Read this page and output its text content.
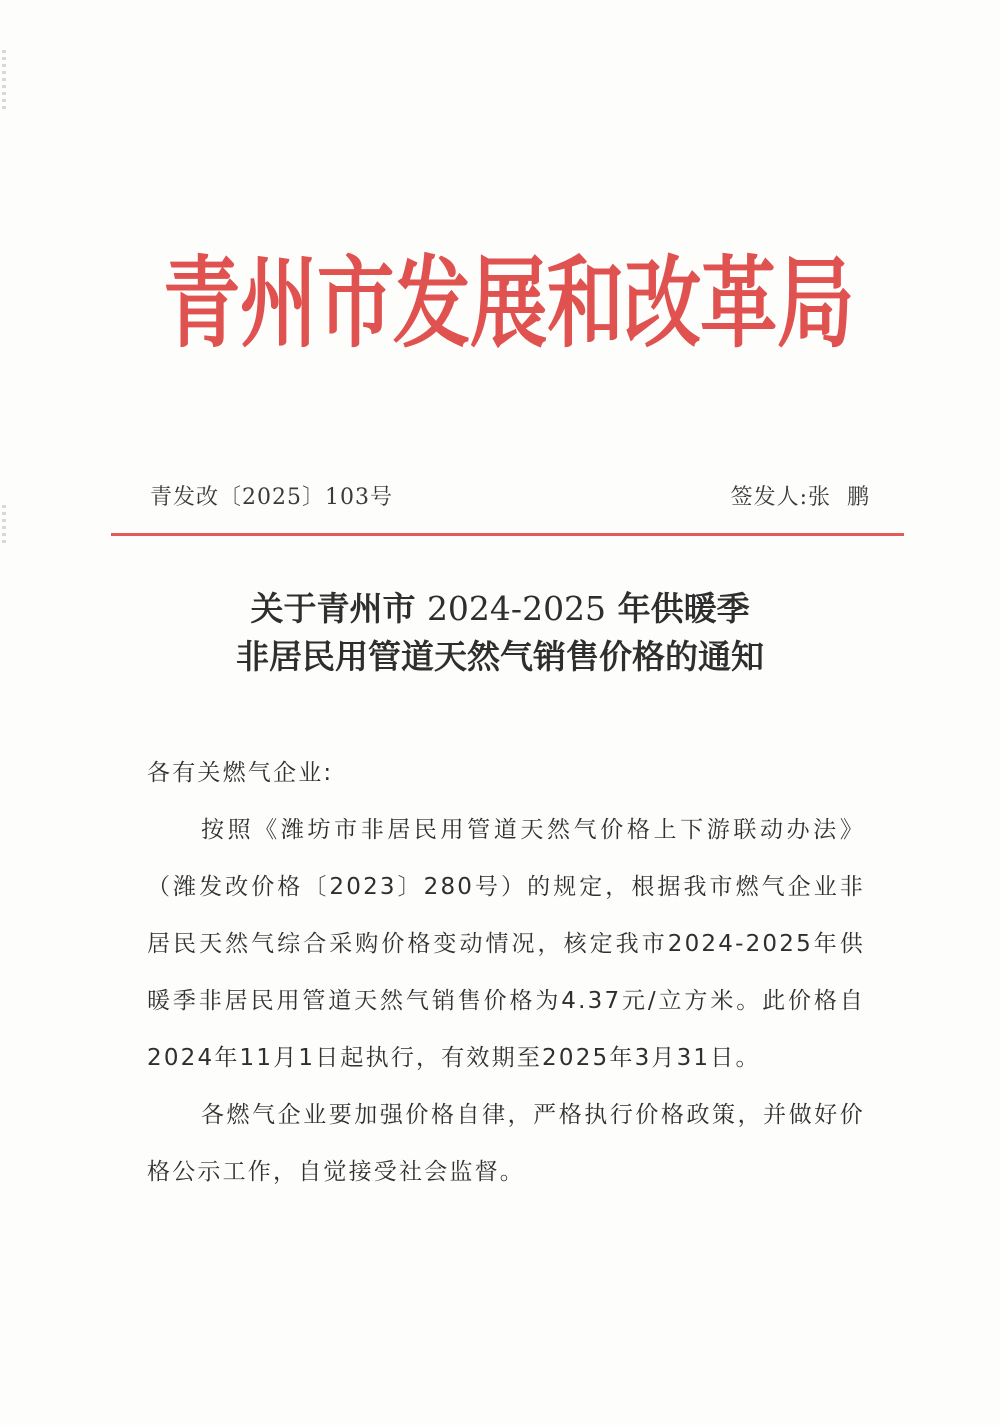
青 州 市 发 展 和 改 革 局
青发改〔2025〕103号	签发人:张  鹏
关于青州市 2024-2025 年供暖季
非居民用管道天然气销售价格的通知

各有关燃气企业:

按照《潍坊市非居民用管道天然气价格上下游联动办法》（潍发改价格〔2023〕280号）的规定，根据我市燃气企业非居民天然气综合采购价格变动情况，核定我市2024-2025年供暖季非居民用管道天然气销售价格为4.37元/立方米。此价格自2024年11月1日起执行，有效期至2025年3月31日。

各燃气企业要加强价格自律，严格执行价格政策，并做好价格公示工作，自觉接受社会监督。
